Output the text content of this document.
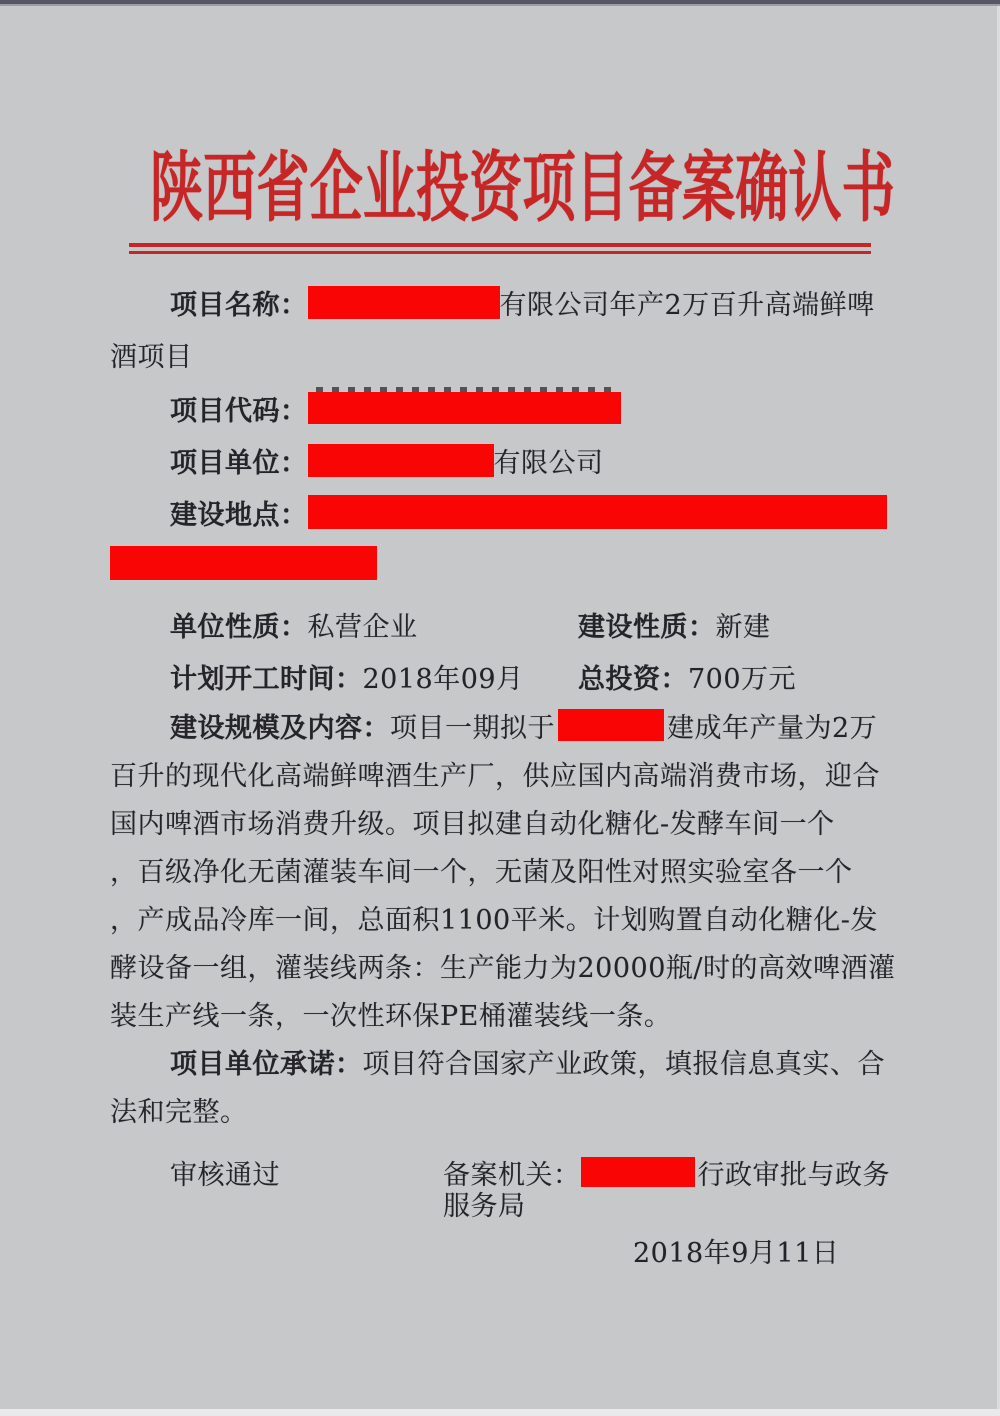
陕西省企业投资项目备案确认书
项目名称：	有限公司年产2万百升高端鲜啤
酒项目
项目代码：
项目单位：	有限公司
建设地点：
单位性质： 私营企业	建设性质： 新建
计划开工时间： 2018年09月 总投资： 700万元
建设规模及内容： 项目一期拟于	建成年产量为2万
百升的现代化高端鲜啤酒生产厂，供应国内高端消费市场，迎合
国内啤酒市场消费升级。项目拟建自动化糖化-发酵车间一个
，百级净化无菌灌装车间一个，无菌及阳性对照实验室各一个
，产成品冷库一间，总面积1100平米。计划购置自动化糖化-发
酵设备一组，灌装线两条：生产能力为20000瓶/时的高效啤酒灌
装生产线一条，一次性环保PE桶灌装线一条。
项目单位承诺： 项目符合国家产业政策，填报信息真实、合
法和完整。
审核通过	备案机关：	行政审批与政务
服务局
2018年9月11日
